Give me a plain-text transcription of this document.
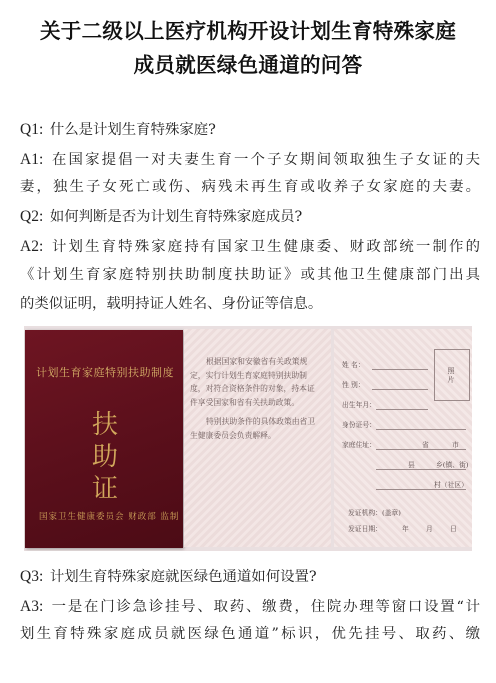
关于二级以上医疗机构开设计划生育特殊家庭
成员就医绿色通道的问答
Q1: 什么是计划生育特殊家庭?
A1: 在国家提倡一对夫妻生育一个子女期间领取独生子女证的夫
妻，独生子女死亡或伤、病残未再生育或收养子女家庭的夫妻。
Q2: 如何判断是否为计划生育特殊家庭成员?
A2: 计划生育特殊家庭持有国家卫生健康委、财政部统一制作的
《计划生育家庭特别扶助制度扶助证》或其他卫生健康部门出具
的类似证明，载明持证人姓名、身份证等信息。
计划生育家庭特别扶助制度
扶
助
证
国家卫生健康委员会 财政部 监制

根据国家和安徽省有关政策规定，实行计划生育家庭特别扶助制度，对符合资格条件的对象，持本证件享受国家和省有关扶助政策。

特别扶助条件的具体政策由省卫生健康委员会负责解释。

姓 名：
性 别：
出生年月：
身份证号：
家庭住址：	省	市
县	乡(镇、街)
村（社区）
照片
发证机构：(盖章)
发证日期：	年	月	日
Q3: 计划生育特殊家庭就医绿色通道如何设置?
A3: 一是在门诊急诊挂号、取药、缴费，住院办理等窗口设置“计
划生育特殊家庭成员就医绿色通道”标识，优先挂号、取药、缴
